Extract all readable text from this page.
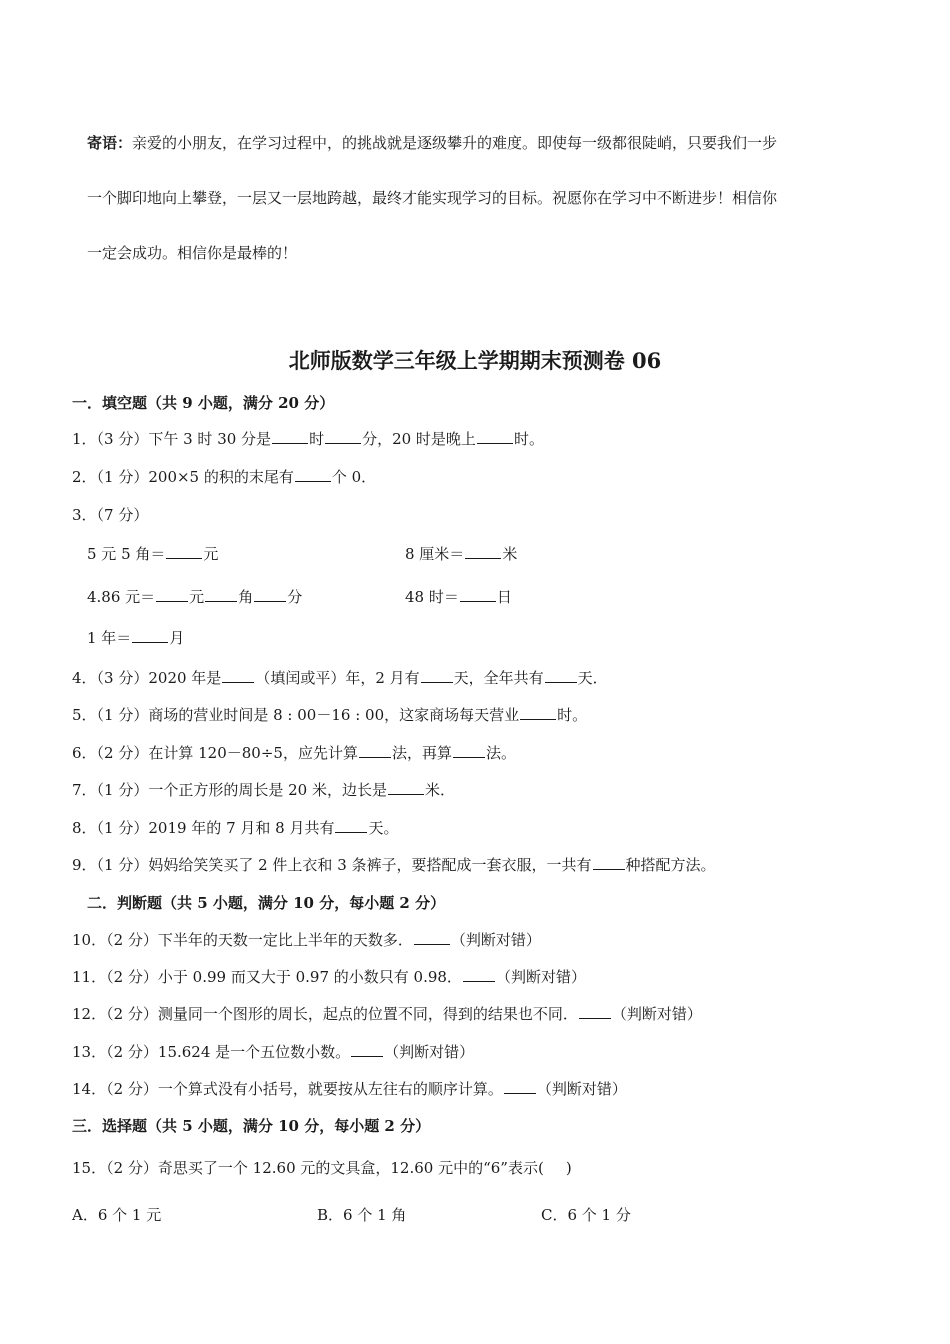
寄语：亲爱的小朋友，在学习过程中，的挑战就是逐级攀升的难度。即使每一级都很陡峭，只要我们一步
一个脚印地向上攀登，一层又一层地跨越，最终才能实现学习的目标。祝愿你在学习中不断进步！相信你
一定会成功。相信你是最棒的！
北师版数学三年级上学期期末预测卷 06
一．填空题（共 9 小题，满分 20 分）
1．（3 分）下午 3 时 30 分是	时	分，20 时是晚上	时。
2．（1 分）200×5 的积的末尾有	个 0．
3．（7 分）
5 元 5 角＝	元	8 厘米＝	米
4.86 元＝ 元 角 分	48 时＝	日
1 年＝	月
4．（3 分）2020 年是 （填闰或平）年，2 月有 天，全年共有 天．
5．（1 分）商场的营业时间是 8 : 00－16 : 00，这家商场每天营业	时。
6．（2 分）在计算 120－80÷5，应先计算 法，再算 法。
7．（1 分）一个正方形的周长是 20 米，边长是	米．
8．（1 分）2019 年的 7 月和 8 月共有 天。
9．（1 分）妈妈给笑笑买了 2 件上衣和 3 条裤子，要搭配成一套衣服，一共有 种搭配方法。
二．判断题（共 5 小题，满分 10 分，每小题 2 分）
10．（2 分）下半年的天数一定比上半年的天数多．	（判断对错）
11．（2 分）小于 0.99 而又大于 0.97 的小数只有 0.98． （判断对错）
12．（2 分）测量同一个图形的周长，起点的位置不同，得到的结果也不同． （判断对错）
13．（2 分）15.624 是一个五位数小数。 （判断对错）
14．（2 分）一个算式没有小括号，就要按从左往右的顺序计算。 （判断对错）
三．选择题（共 5 小题，满分 10 分，每小题 2 分）
15．（2 分）奇思买了一个 12.60 元的文具盒，12.60 元中的“6”表示( )
A．6 个 1 元	B．6 个 1 角	C．6 个 1 分
